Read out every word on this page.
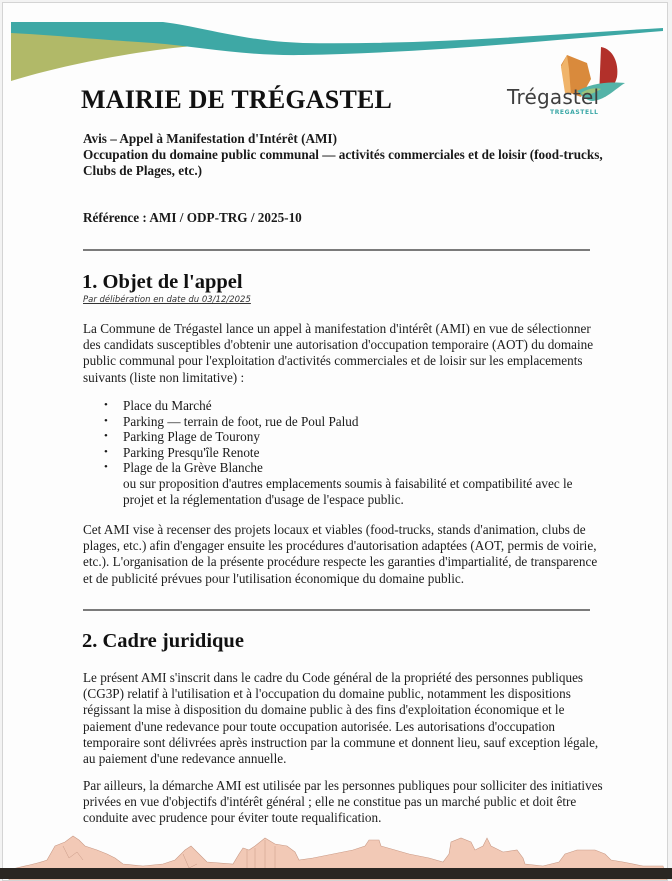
Trégastel
TREGASTELL
MAIRIE DE TRÉGASTEL
Avis – Appel à Manifestation d'Intérêt (AMI)
Occupation du domaine public communal — activités commerciales et de loisir (food-trucks, Clubs de Plages, etc.)
Référence : AMI / ODP-TRG / 2025-10
1. Objet de l'appel
Par délibération en date du 03/12/2025

La Commune de Trégastel lance un appel à manifestation d'intérêt (AMI) en vue de sélectionner des candidats susceptibles d'obtenir une autorisation d'occupation temporaire (AOT) du domaine public communal pour l'exploitation d'activités commerciales et de loisir sur les emplacements suivants (liste non limitative) :

• Place du Marché
• Parking — terrain de foot, rue de Poul Palud
• Parking Plage de Tourony
• Parking Presqu'île Renote
• Plage de la Grève Blanche
ou sur proposition d'autres emplacements soumis à faisabilité et compatibilité avec le projet et la réglementation d'usage de l'espace public.

Cet AMI vise à recenser des projets locaux et viables (food-trucks, stands d'animation, clubs de plages, etc.) afin d'engager ensuite les procédures d'autorisation adaptées (AOT, permis de voirie, etc.). L'organisation de la présente procédure respecte les garanties d'impartialité, de transparence et de publicité prévues pour l'utilisation économique du domaine public.

2. Cadre juridique

Le présent AMI s'inscrit dans le cadre du Code général de la propriété des personnes publiques (CG3P) relatif à l'utilisation et à l'occupation du domaine public, notamment les dispositions régissant la mise à disposition du domaine public à des fins d'exploitation économique et le paiement d'une redevance pour toute occupation autorisée. Les autorisations d'occupation temporaire sont délivrées après instruction par la commune et donnent lieu, sauf exception légale, au paiement d'une redevance annuelle.

Par ailleurs, la démarche AMI est utilisée par les personnes publiques pour solliciter des initiatives privées en vue d'objectifs d'intérêt général ; elle ne constitue pas un marché public et doit être conduite avec prudence pour éviter toute requalification.
